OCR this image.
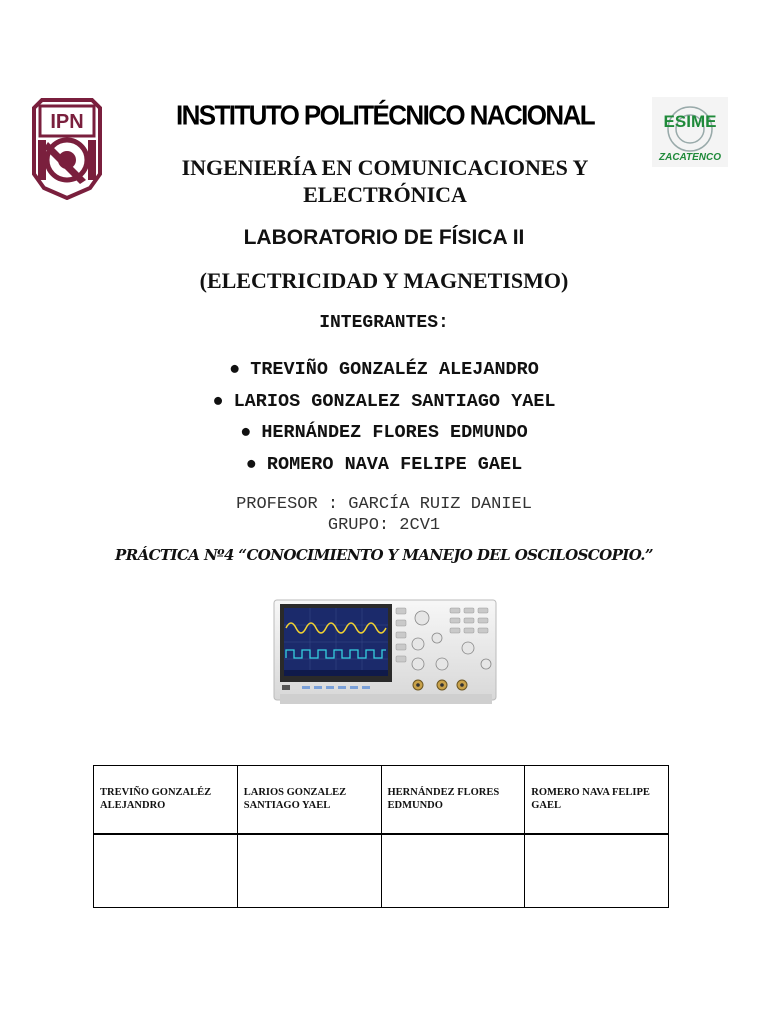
IPN	ESIME
ZACATENCO
INSTITUTO POLITÉCNICO NACIONAL
INGENIERÍA EN COMUNICACIONES Y ELECTRÓNICA
LABORATORIO DE FÍSICA II
(ELECTRICIDAD Y MAGNETISMO)
INTEGRANTES:
● TREVIÑO GONZALÉZ ALEJANDRO
● LARIOS GONZALEZ SANTIAGO YAEL
● HERNÁNDEZ FLORES EDMUNDO
● ROMERO NAVA FELIPE GAEL
PROFESOR : GARCÍA RUIZ DANIEL
GRUPO: 2CV1
PRÁCTICA Nº4 “CONOCIMIENTO Y MANEJO DEL OSCILOSCOPIO.”
TREVIÑO GONZALÉZ ALEJANDRO	LARIOS GONZALEZ SANTIAGO YAEL	HERNÁNDEZ FLORES EDMUNDO	ROMERO NAVA FELIPE GAEL
